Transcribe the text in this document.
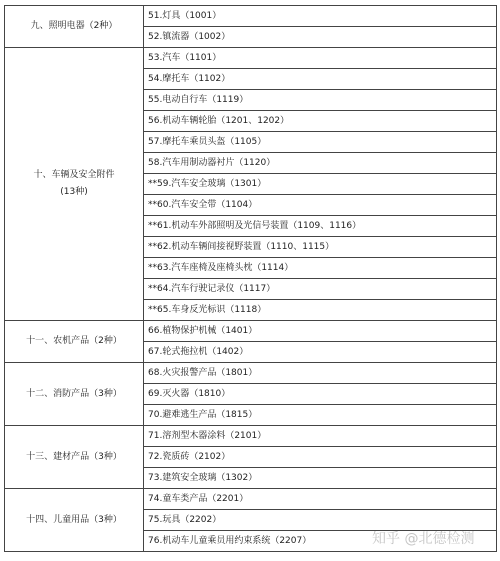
九、照明电器（2种）	51.灯具（1001）
	52.镇流器（1002）
十、车辆及安全附件
(13种)	53.汽车（1101）
	54.摩托车（1102）
	55.电动自行车（1119）
	56.机动车辆轮胎（1201、1202）
	57.摩托车乘员头盔（1105）
	58.汽车用制动器衬片（1120）
	**59.汽车安全玻璃（1301）
	**60.汽车安全带（1104）
	**61.机动车外部照明及光信号装置（1109、1116）
	**62.机动车辆间接视野装置（1110、1115）
	**63.汽车座椅及座椅头枕（1114）
	**64.汽车行驶记录仪（1117）
	**65.车身反光标识（1118）
十一、农机产品（2种）	66.植物保护机械（1401）
	67.轮式拖拉机（1402）
十二、消防产品（3种）	68.火灾报警产品（1801）
	69.灭火器（1810）
	70.避难逃生产品（1815）
十三、建材产品（3种）	71.溶剂型木器涂料（2101）
	72.瓷质砖（2102）
	73.建筑安全玻璃（1302）
十四、儿童用品（3种）	74.童车类产品（2201）
	75.玩具（2202）
	76.机动车儿童乘员用约束系统（2207）	知乎 @北德检测
